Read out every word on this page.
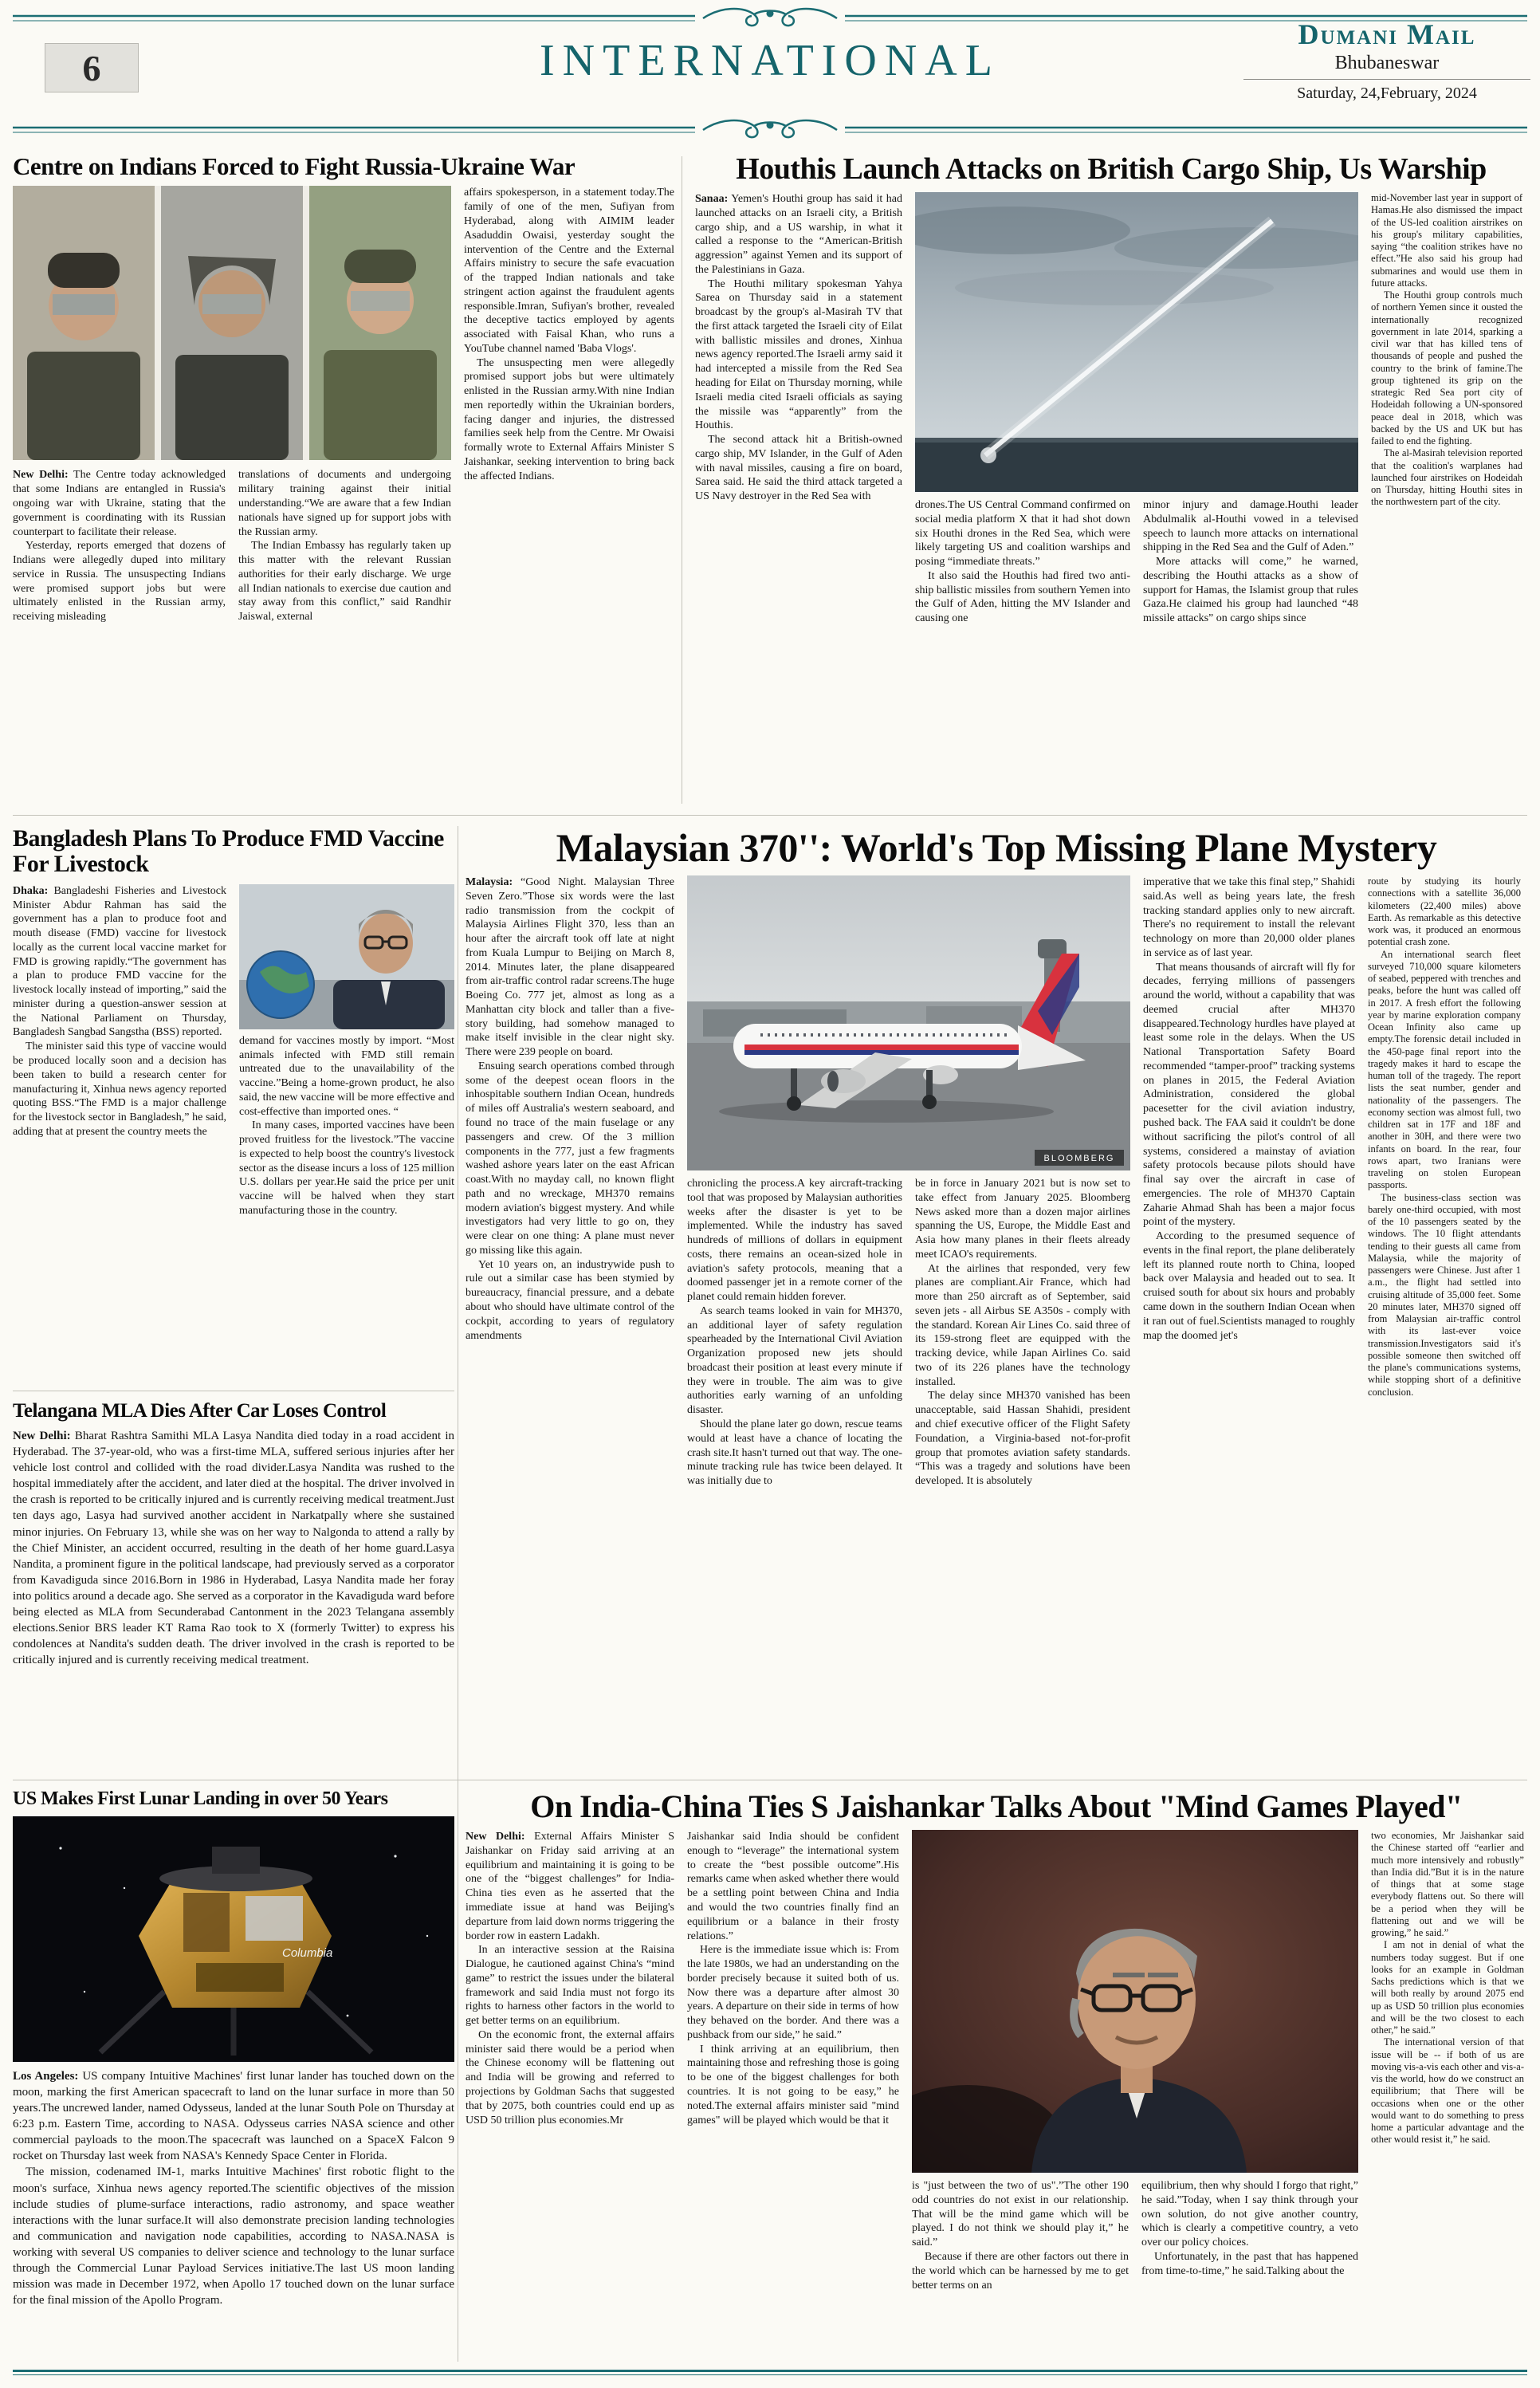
6	INTERNATIONAL
Dumani Mail
Bhubaneswar
Saturday, 24,February, 2024
Centre on Indians Forced to Fight Russia-Ukraine War

New Delhi: The Centre today acknowledged that some Indians are entangled in Russia's ongoing war with Ukraine, stating that the government is coordinating with its Russian counterpart to facilitate their release.

Yesterday, reports emerged that dozens of Indians were allegedly duped into military service in Russia. The unsuspecting Indians were promised support jobs but were ultimately enlisted in the Russian army, receiving misleading

translations of documents and undergoing military training against their initial understanding.“We are aware that a few Indian nationals have signed up for support jobs with the Russian army.

The Indian Embassy has regularly taken up this matter with the relevant Russian authorities for their early discharge. We urge all Indian nationals to exercise due caution and stay away from this conflict,” said Randhir Jaiswal, external

affairs spokesperson, in a statement today.The family of one of the men, Sufiyan from Hyderabad, along with AIMIM leader Asaduddin Owaisi, yesterday sought the intervention of the Centre and the External Affairs ministry to secure the safe evacuation of the trapped Indian nationals and take stringent action against the fraudulent agents responsible.Imran, Sufiyan's brother, revealed the deceptive tactics employed by agents associated with Faisal Khan, who runs a YouTube channel named 'Baba Vlogs'.

The unsuspecting men were allegedly promised support jobs but were ultimately enlisted in the Russian army.With nine Indian men reportedly within the Ukrainian borders, facing danger and injuries, the distressed families seek help from the Centre. Mr Owaisi formally wrote to External Affairs Minister S Jaishankar, seeking intervention to bring back the affected Indians.

Houthis Launch Attacks on British Cargo Ship, Us Warship

Sanaa: Yemen's Houthi group has said it had launched attacks on an Israeli city, a British cargo ship, and a US warship, in what it called a response to the “American-British aggression” against Yemen and its support of the Palestinians in Gaza.

The Houthi military spokesman Yahya Sarea on Thursday said in a statement broadcast by the group's al-Masirah TV that the first attack targeted the Israeli city of Eilat with ballistic missiles and drones, Xinhua news agency reported.The Israeli army said it had intercepted a missile from the Red Sea heading for Eilat on Thursday morning, while Israeli media cited Israeli officials as saying the missile was “apparently” from the Houthis.

The second attack hit a British-owned cargo ship, MV Islander, in the Gulf of Aden with naval missiles, causing a fire on board, Sarea said. He said the third attack targeted a US Navy destroyer in the Red Sea with

drones.The US Central Command confirmed on social media platform X that it had shot down six Houthi drones in the Red Sea, which were likely targeting US and coalition warships and posing “immediate threats.”

It also said the Houthis had fired two anti-ship ballistic missiles from southern Yemen into the Gulf of Aden, hitting the MV Islander and causing one

minor injury and damage.Houthi leader Abdulmalik al-Houthi vowed in a televised speech to launch more attacks on international shipping in the Red Sea and the Gulf of Aden.”

More attacks will come,” he warned, describing the Houthi attacks as a show of support for Hamas, the Islamist group that rules Gaza.He claimed his group had launched “48 missile attacks” on cargo ships since

mid-November last year in support of Hamas.He also dismissed the impact of the US-led coalition airstrikes on his group's military capabilities, saying “the coalition strikes have no effect.”He also said his group had submarines and would use them in future attacks.

The Houthi group controls much of northern Yemen since it ousted the internationally recognized government in late 2014, sparking a civil war that has killed tens of thousands of people and pushed the country to the brink of famine.The group tightened its grip on the strategic Red Sea port city of Hodeidah following a UN-sponsored peace deal in 2018, which was backed by the US and UK but has failed to end the fighting.

The al-Masirah television reported that the coalition's warplanes had launched four airstrikes on Hodeidah on Thursday, hitting Houthi sites in the northwestern part of the city.

Bangladesh Plans To Produce FMD Vaccine For Livestock

Dhaka: Bangladeshi Fisheries and Livestock Minister Abdur Rahman has said the government has a plan to produce foot and mouth disease (FMD) vaccine for livestock locally as the current local vaccine market for FMD is growing rapidly.“The government has a plan to produce FMD vaccine for the livestock locally instead of importing,” said the minister during a question-answer session at the National Parliament on Thursday, Bangladesh Sangbad Sangstha (BSS) reported.

The minister said this type of vaccine would be produced locally soon and a decision has been taken to build a research center for manufacturing it, Xinhua news agency reported quoting BSS.“The FMD is a major challenge for the livestock sector in Bangladesh,” he said, adding that at present the country meets the

demand for vaccines mostly by import. “Most animals infected with FMD still remain untreated due to the unavailability of the vaccine.”Being a home-grown product, he also said, the new vaccine will be more effective and cost-effective than imported ones. “

In many cases, imported vaccines have been proved fruitless for the livestock.”The vaccine is expected to help boost the country's livestock sector as the disease incurs a loss of 125 million U.S. dollars per year.He said the price per unit vaccine will be halved when they start manufacturing those in the country.

Telangana MLA Dies After Car Loses Control

New Delhi: Bharat Rashtra Samithi MLA Lasya Nandita died today in a road accident in Hyderabad. The 37-year-old, who was a first-time MLA, suffered serious injuries after her vehicle lost control and collided with the road divider.Lasya Nandita was rushed to the hospital immediately after the accident, and later died at the hospital. The driver involved in the crash is reported to be critically injured and is currently receiving medical treatment.Just ten days ago, Lasya had survived another accident in Narkatpally where she sustained minor injuries. On February 13, while she was on her way to Nalgonda to attend a rally by the Chief Minister, an accident occurred, resulting in the death of her home guard.Lasya Nandita, a prominent figure in the political landscape, had previously served as a corporator from Kavadiguda since 2016.Born in 1986 in Hyderabad, Lasya Nandita made her foray into politics around a decade ago. She served as a corporator in the Kavadiguda ward before being elected as MLA from Secunderabad Cantonment in the 2023 Telangana assembly elections.Senior BRS leader KT Rama Rao took to X (formerly Twitter) to express his condolences at Nandita's sudden death. The driver involved in the crash is reported to be critically injured and is currently receiving medical treatment.

Malaysian 370'': World's Top Missing Plane Mystery

Malaysia: “Good Night. Malaysian Three Seven Zero.”Those six words were the last radio transmission from the cockpit of Malaysia Airlines Flight 370, less than an hour after the aircraft took off late at night from Kuala Lumpur to Beijing on March 8, 2014. Minutes later, the plane disappeared from air-traffic control radar screens.The huge Boeing Co. 777 jet, almost as long as a Manhattan city block and taller than a five-story building, had somehow managed to make itself invisible in the clear night sky. There were 239 people on board.

Ensuing search operations combed through some of the deepest ocean floors in the inhospitable southern Indian Ocean, hundreds of miles off Australia's western seaboard, and found no trace of the main fuselage or any passengers and crew. Of the 3 million components in the 777, just a few fragments washed ashore years later on the east African coast.With no mayday call, no known flight path and no wreckage, MH370 remains modern aviation's biggest mystery. And while investigators had very little to go on, they were clear on one thing: A plane must never go missing like this again.

Yet 10 years on, an industrywide push to rule out a similar case has been stymied by bureaucracy, financial pressure, and a debate about who should have ultimate control of the cockpit, according to years of regulatory amendments

BLOOMBERG

chronicling the process.A key aircraft-tracking tool that was proposed by Malaysian authorities weeks after the disaster is yet to be implemented. While the industry has saved hundreds of millions of dollars in equipment costs, there remains an ocean-sized hole in aviation's safety protocols, meaning that a doomed passenger jet in a remote corner of the planet could remain hidden forever.

As search teams looked in vain for MH370, an additional layer of safety regulation spearheaded by the International Civil Aviation Organization proposed new jets should broadcast their position at least every minute if they were in trouble. The aim was to give authorities early warning of an unfolding disaster.

Should the plane later go down, rescue teams would at least have a chance of locating the crash site.It hasn't turned out that way. The one-minute tracking rule has twice been delayed. It was initially due to

be in force in January 2021 but is now set to take effect from January 2025. Bloomberg News asked more than a dozen major airlines spanning the US, Europe, the Middle East and Asia how many planes in their fleets already meet ICAO's requirements.

At the airlines that responded, very few planes are compliant.Air France, which had more than 250 aircraft as of September, said seven jets - all Airbus SE A350s - comply with the standard. Korean Air Lines Co. said three of its 159-strong fleet are equipped with the tracking device, while Japan Airlines Co. said two of its 226 planes have the technology installed.

The delay since MH370 vanished has been unacceptable, said Hassan Shahidi, president and chief executive officer of the Flight Safety Foundation, a Virginia-based not-for-profit group that promotes aviation safety standards. “This was a tragedy and solutions have been developed. It is absolutely

imperative that we take this final step,” Shahidi said.As well as being years late, the fresh tracking standard applies only to new aircraft. There's no requirement to install the relevant technology on more than 20,000 older planes in service as of last year.

That means thousands of aircraft will fly for decades, ferrying millions of passengers around the world, without a capability that was deemed crucial after MH370 disappeared.Technology hurdles have played at least some role in the delays. When the US National Transportation Safety Board recommended “tamper-proof” tracking systems on planes in 2015, the Federal Aviation Administration, considered the global pacesetter for the civil aviation industry, pushed back. The FAA said it couldn't be done without sacrificing the pilot's control of all systems, considered a mainstay of aviation safety protocols because pilots should have final say over the aircraft in case of emergencies. The role of MH370 Captain Zaharie Ahmad Shah has been a major focus point of the mystery.

According to the presumed sequence of events in the final report, the plane deliberately left its planned route north to China, looped back over Malaysia and headed out to sea. It cruised south for about six hours and probably came down in the southern Indian Ocean when it ran out of fuel.Scientists managed to roughly map the doomed jet's

route by studying its hourly connections with a satellite 36,000 kilometers (22,400 miles) above Earth. As remarkable as this detective work was, it produced an enormous potential crash zone.

An international search fleet surveyed 710,000 square kilometers of seabed, peppered with trenches and peaks, before the hunt was called off in 2017. A fresh effort the following year by marine exploration company Ocean Infinity also came up empty.The forensic detail included in the 450-page final report into the tragedy makes it hard to escape the human toll of the tragedy. The report lists the seat number, gender and nationality of the passengers. The economy section was almost full, two children sat in 17F and 18F and another in 30H, and there were two infants on board. In the rear, four rows apart, two Iranians were traveling on stolen European passports.

The business-class section was barely one-third occupied, with most of the 10 passengers seated by the windows. The 10 flight attendants tending to their guests all came from Malaysia, while the majority of passengers were Chinese. Just after 1 a.m., the flight had settled into cruising altitude of 35,000 feet. Some 20 minutes later, MH370 signed off from Malaysian air-traffic control with its last-ever voice transmission.Investigators said it's possible someone then switched off the plane's communications systems, while stopping short of a definitive conclusion.

US Makes First Lunar Landing in over 50 Years
Columbia

Los Angeles: US company Intuitive Machines' first lunar lander has touched down on the moon, marking the first American spacecraft to land on the lunar surface in more than 50 years.The uncrewed lander, named Odysseus, landed at the lunar South Pole on Thursday at 6:23 p.m. Eastern Time, according to NASA. Odysseus carries NASA science and other commercial payloads to the moon.The spacecraft was launched on a SpaceX Falcon 9 rocket on Thursday last week from NASA's Kennedy Space Center in Florida.

The mission, codenamed IM-1, marks Intuitive Machines' first robotic flight to the moon's surface, Xinhua news agency reported.The scientific objectives of the mission include studies of plume-surface interactions, radio astronomy, and space weather interactions with the lunar surface.It will also demonstrate precision landing technologies and communication and navigation node capabilities, according to NASA.NASA is working with several US companies to deliver science and technology to the lunar surface through the Commercial Lunar Payload Services initiative.The last US moon landing mission was made in December 1972, when Apollo 17 touched down on the lunar surface for the final mission of the Apollo Program.

On India-China Ties S Jaishankar Talks About "Mind Games Played"

New Delhi: External Affairs Minister S Jaishankar on Friday said arriving at an equilibrium and maintaining it is going to be one of the “biggest challenges” for India-China ties even as he asserted that the immediate issue at hand was Beijing's departure from laid down norms triggering the border row in eastern Ladakh.

In an interactive session at the Raisina Dialogue, he cautioned against China's “mind game” to restrict the issues under the bilateral framework and said India must not forgo its rights to harness other factors in the world to get better terms on an equilibrium.

On the economic front, the external affairs minister said there would be a period when the Chinese economy will be flattening out and India will be growing and referred to projections by Goldman Sachs that suggested that by 2075, both countries could end up as USD 50 trillion plus economies.Mr

Jaishankar said India should be confident enough to “leverage” the international system to create the “best possible outcome”.His remarks came when asked whether there would be a settling point between China and India and would the two countries finally find an equilibrium or a balance in their frosty relations.”

Here is the immediate issue which is: From the late 1980s, we had an understanding on the border precisely because it suited both of us. Now there was a departure after almost 30 years. A departure on their side in terms of how they behaved on the border. And there was a pushback from our side,” he said.”

I think arriving at an equilibrium, then maintaining those and refreshing those is going to be one of the biggest challenges for both countries. It is not going to be easy,” he noted.The external affairs minister said "mind games" will be played which would be that it

is "just between the two of us".”The other 190 odd countries do not exist in our relationship. That will be the mind game which will be played. I do not think we should play it,” he said.”

Because if there are other factors out there in the world which can be harnessed by me to get better terms on an

equilibrium, then why should I forgo that right,” he said.”Today, when I say think through your own solution, do not give another country, which is clearly a competitive country, a veto over our policy choices.

Unfortunately, in the past that has happened from time-to-time,” he said.Talking about the

two economies, Mr Jaishankar said the Chinese started off “earlier and much more intensively and robustly” than India did.”But it is in the nature of things that at some stage everybody flattens out. So there will be a period when they will be flattening out and we will be growing,” he said.”

I am not in denial of what the numbers today suggest. But if one looks for an example in Goldman Sachs predictions which is that we will both really by around 2075 end up as USD 50 trillion plus economies and will be the two closest to each other,” he said.”

The international version of that issue will be -- if both of us are moving vis-a-vis each other and vis-a-vis the world, how do we construct an equilibrium; that There will be occasions when one or the other would want to do something to press home a particular advantage and the other would resist it,” he said.
